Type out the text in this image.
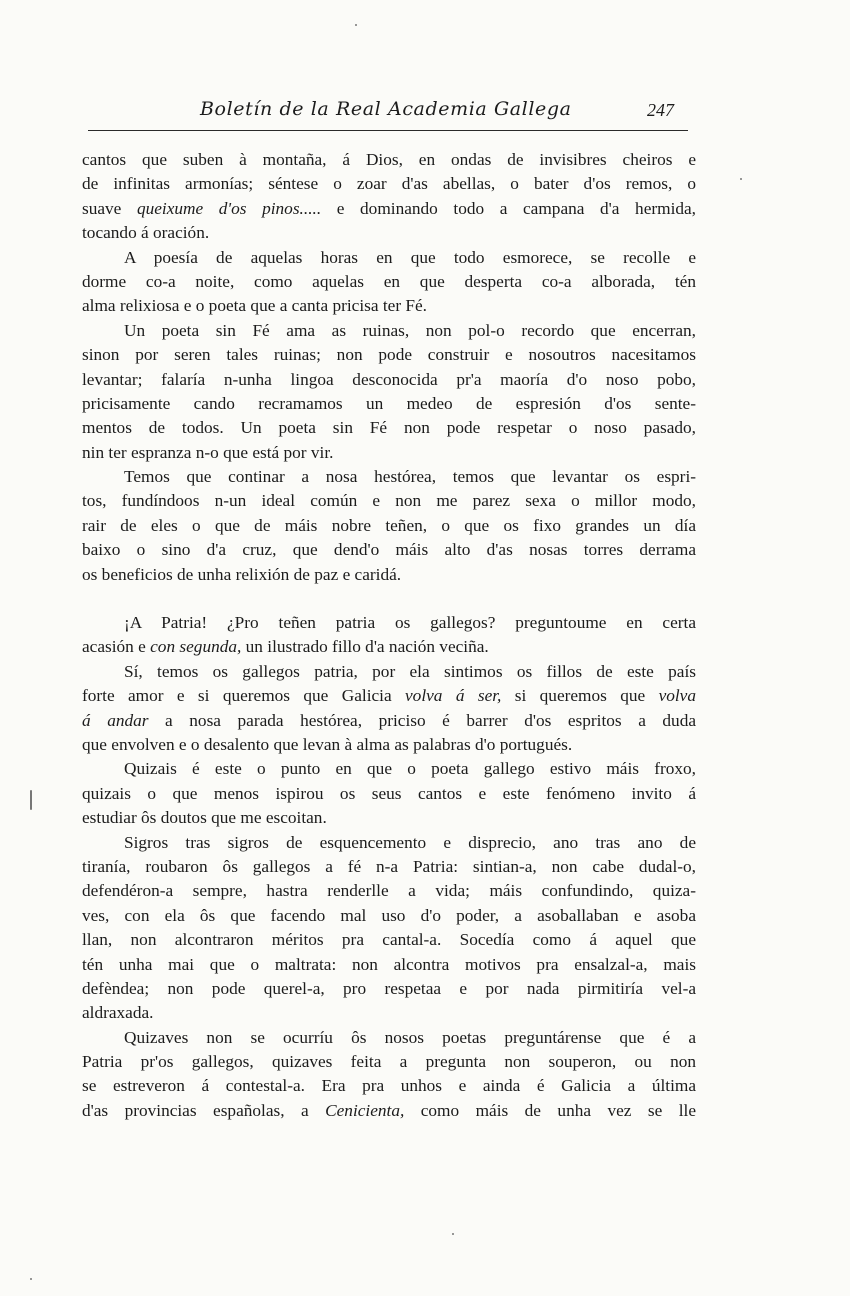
Boletín de la Real Academia Gallega	247
cantos que suben à montaña, á Dios, en ondas de invisibres cheiros e
de infinitas armonías; séntese o zoar d'as abellas, o bater d'os remos, o
suave queixume d'os pinos..... e dominando todo a campana d'a hermida,
tocando á oración.
A poesía de aquelas horas en que todo esmorece, se recolle e
dorme co-a noite, como aquelas en que desperta co-a alborada, tén
alma relixiosa e o poeta que a canta pricisa ter Fé.
Un poeta sin Fé ama as ruinas, non pol-o recordo que encerran,
sinon por seren tales ruinas; non pode construir e nosoutros nacesitamos
levantar; falaría n-unha lingoa desconocida pr'a maoría d'o noso pobo,
pricisamente cando recramamos un medeo de espresión d'os sente-
mentos de todos. Un poeta sin Fé non pode respetar o noso pasado,
nin ter espranza n-o que está por vir.
Temos que continar a nosa hestórea, temos que levantar os espri-
tos, fundíndoos n-un ideal común e non me parez sexa o millor modo,
rair de eles o que de máis nobre teñen, o que os fixo grandes un día
baixo o sino d'a cruz, que dend'o máis alto d'as nosas torres derrama
os beneficios de unha relixión de paz e caridá.
¡A Patria! ¿Pro teñen patria os gallegos? preguntoume en certa
acasión e con segunda, un ilustrado fillo d'a nación veciña.
Sí, temos os gallegos patria, por ela sintimos os fillos de este país
forte amor e si queremos que Galicia volva á ser, si queremos que volva
á andar a nosa parada hestórea, priciso é barrer d'os espritos a duda
que envolven e o desalento que levan à alma as palabras d'o portugués.
Quizais é este o punto en que o poeta gallego estivo máis froxo,
quizais o que menos ispirou os seus cantos e este fenómeno invito á
estudiar ôs doutos que me escoitan.
Sigros tras sigros de esquencemento e disprecio, ano tras ano de
tiranía, roubaron ôs gallegos a fé n-a Patria: sintian-a, non cabe dudal-o,
defendéron-a sempre, hastra renderlle a vida; máis confundindo, quiza-
ves, con ela ôs que facendo mal uso d'o poder, a asoballaban e asoba
llan, non alcontraron méritos pra cantal-a. Socedía como á aquel que
tén unha mai que o maltrata: non alcontra motivos pra ensalzal-a, mais
defèndea; non pode querel-a, pro respetaa e por nada pirmitiría vel-a
aldraxada.
Quizaves non se ocurríu ôs nosos poetas preguntárense que é a
Patria pr'os gallegos, quizaves feita a pregunta non souperon, ou non
se estreveron á contestal-a. Era pra unhos e ainda é Galicia a última
d'as provincias españolas, a Cenicienta, como máis de unha vez se lle
